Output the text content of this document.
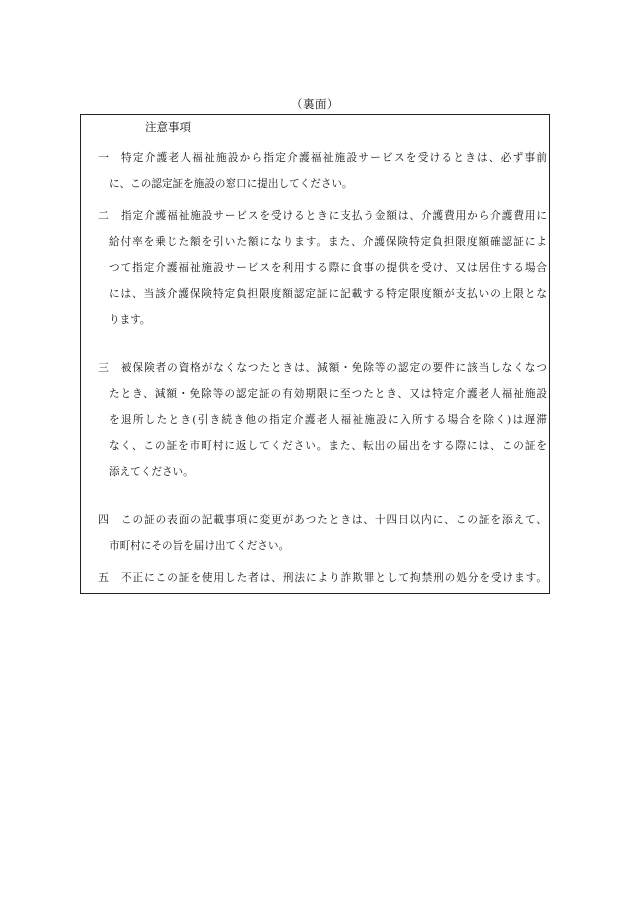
（裏面）
注意事項
一 特定介護老人福祉施設から指定介護福祉施設サービスを受けるときは、必ず事前
に、この認定証を施設の窓口に提出してください。
二 指定介護福祉施設サービスを受けるときに支払う金額は、介護費用から介護費用に
給付率を乗じた額を引いた額になります。また、介護保険特定負担限度額確認証によ
つて指定介護福祉施設サービスを利用する際に食事の提供を受け、又は居住する場合
には、当該介護保険特定負担限度額認定証に記載する特定限度額が支払いの上限とな
ります。
三 被保険者の資格がなくなつたときは、減額・免除等の認定の要件に該当しなくなつ
たとき、減額・免除等の認定証の有効期限に至つたとき、又は特定介護老人福祉施設
を退所したとき(引き続き他の指定介護老人福祉施設に入所する場合を除く)は遅滞
なく、この証を市町村に返してください。また、転出の届出をする際には、この証を
添えてください。
四 この証の表面の記載事項に変更があつたときは、十四日以内に、この証を添えて、
市町村にその旨を届け出てください。
五 不正にこの証を使用した者は、刑法により詐欺罪として拘禁刑の処分を受けます。
